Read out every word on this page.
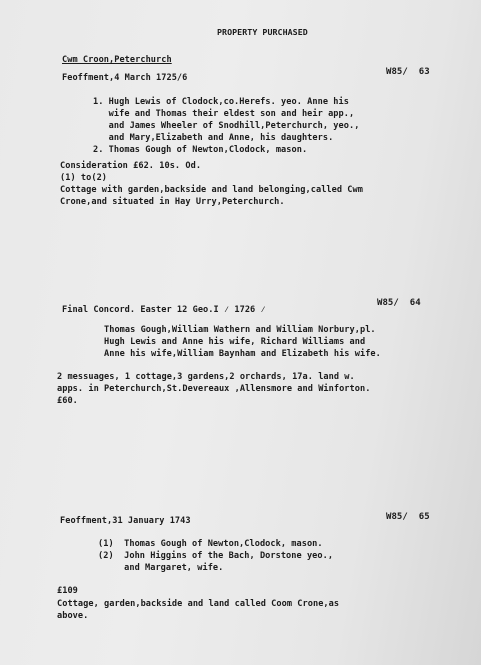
PROPERTY PURCHASED
Cwm Croon,Peterchurch
Feoffment,4 March 1725/6
W85/  63
1. Hugh Lewis of Clodock,co.Herefs. yeo. Anne his
wife and Thomas their eldest son and heir app.,
and James Wheeler of Snodhill,Peterchurch, yeo.,
and Mary,Elizabeth and Anne, his daughters.
2. Thomas Gough of Newton,Clodock, mason.
Consideration £62. 10s. Od.
(1) to(2)
Cottage with garden,backside and land belonging,called Cwm
Crone,and situated in Hay Urry,Peterchurch.
Final Concord. Easter 12 Geo.I ⁄ 1726 ⁄
W85/  64
Thomas Gough,William Wathern and William Norbury,pl.
Hugh Lewis and Anne his wife, Richard Williams and
Anne his wife,William Baynham and Elizabeth his wife.
2 messuages, 1 cottage,3 gardens,2 orchards, 17a. land w.
apps. in Peterchurch,St.Devereaux ,Allensmore and Winforton.
£60.
Feoffment,31 January 1743	W85/  65
(1)  Thomas Gough of Newton,Clodock, mason.
(2)  John Higgins of the Bach, Dorstone yeo.,
and Margaret, wife.
£109
Cottage, garden,backside and land called Coom Crone,as
above.
